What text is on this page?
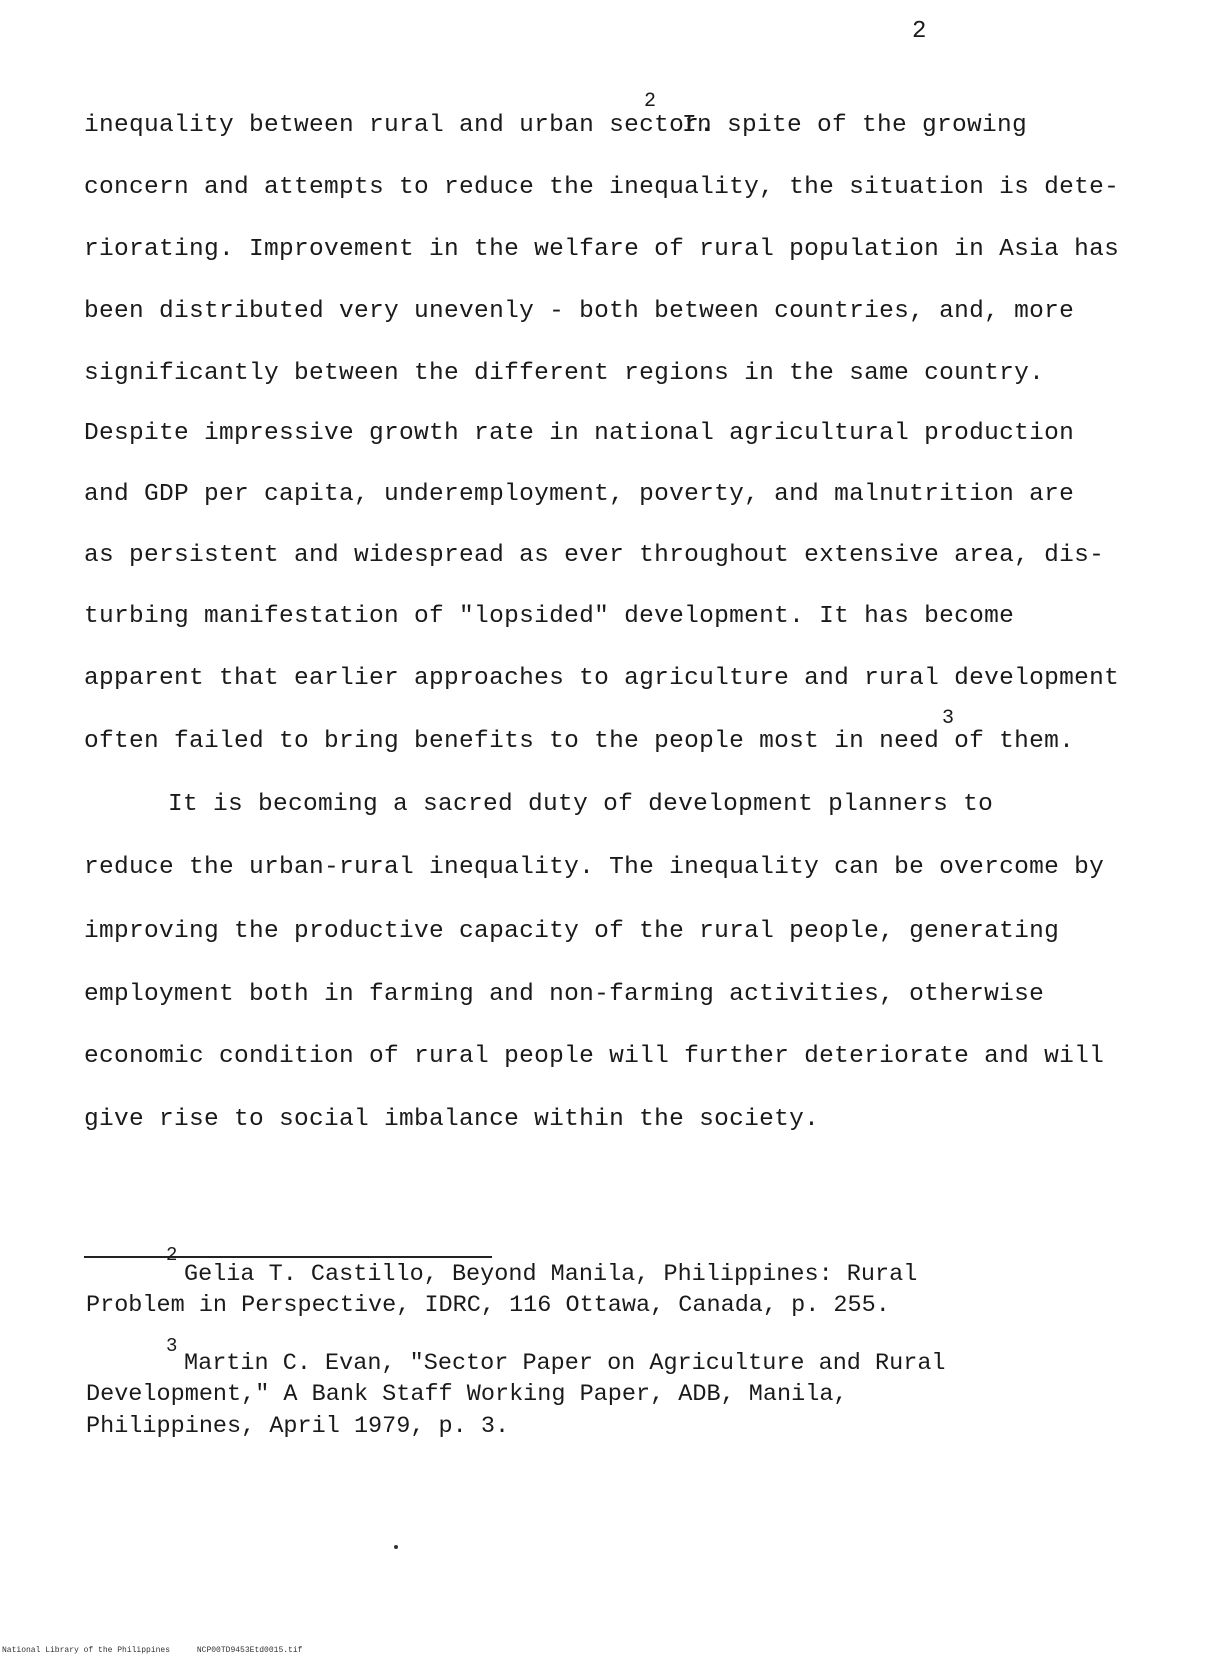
2
inequality between rural and urban sector.
2
In spite of the growing
concern and attempts to reduce the inequality, the situation is dete-
riorating. Improvement in the welfare of rural population in Asia has
been distributed very unevenly - both between countries, and, more
significantly between the different regions in the same country.
Despite impressive growth rate in national agricultural production
and GDP per capita, underemployment, poverty, and malnutrition are
as persistent and widespread as ever throughout extensive area, dis-
turbing manifestation of "lopsided" development. It has become
apparent that earlier approaches to agriculture and rural development
often failed to bring benefits to the people most in need of them.
3
It is becoming a sacred duty of development planners to
reduce the urban-rural inequality. The inequality can be overcome by
improving the productive capacity of the rural people, generating
employment both in farming and non-farming activities, otherwise
economic condition of rural people will further deteriorate and will
give rise to social imbalance within the society.
2
Gelia T. Castillo, Beyond Manila, Philippines: Rural
Problem in Perspective, IDRC, 116 Ottawa, Canada, p. 255.
3
Martin C. Evan, "Sector Paper on Agriculture and Rural
Development," A Bank Staff Working Paper, ADB, Manila,
Philippines, April 1979, p. 3.
National Library of the Philippines	NCP00TD9453Etd0015.tif
